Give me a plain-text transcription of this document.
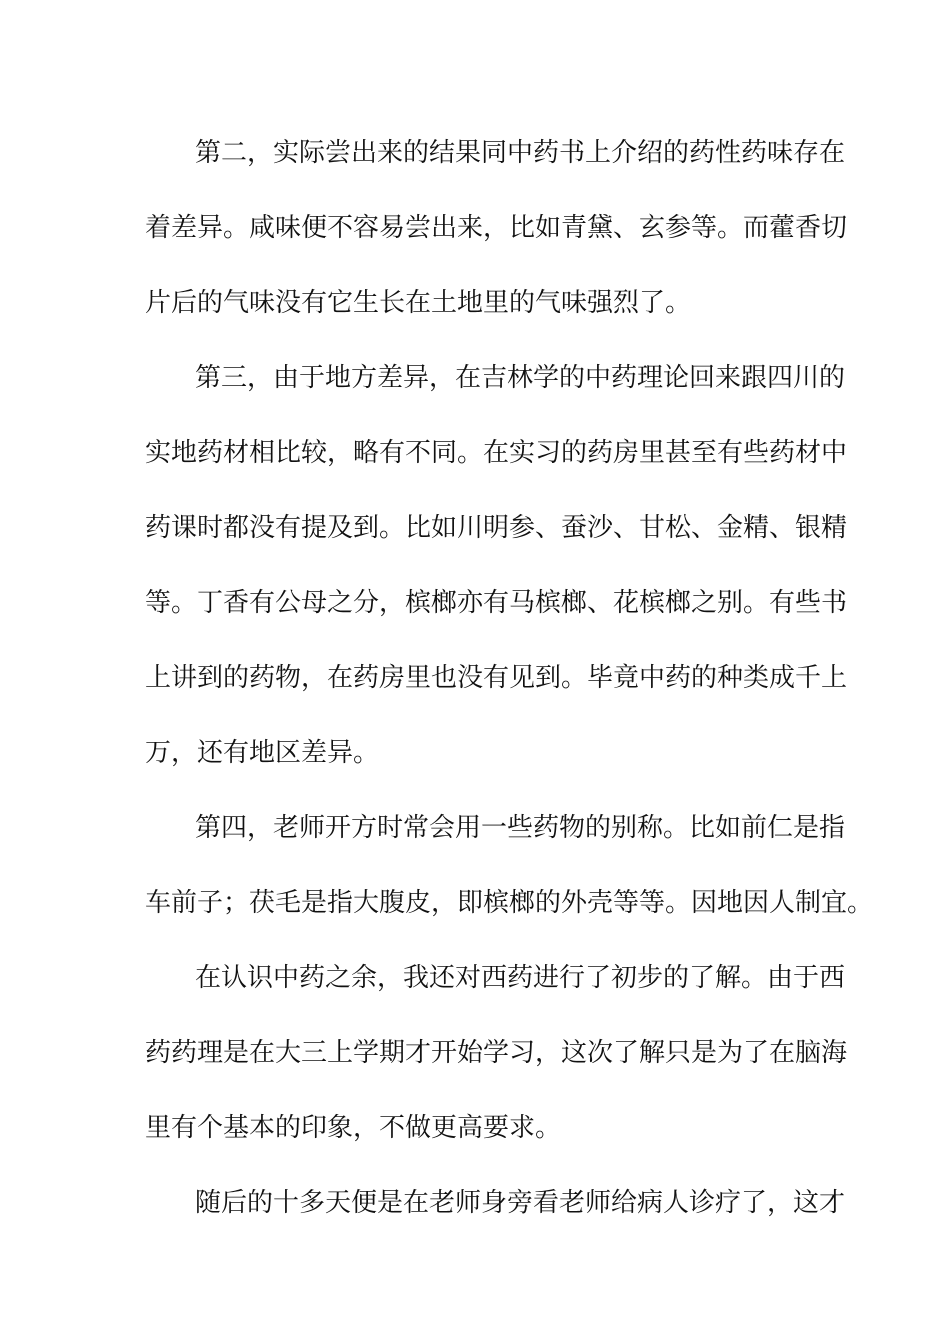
第二，实际尝出来的结果同中药书上介绍的药性药味存在
着差异。咸味便不容易尝出来，比如青黛、玄参等。而藿香切
片后的气味没有它生长在土地里的气味强烈了。
第三，由于地方差异，在吉林学的中药理论回来跟四川的
实地药材相比较，略有不同。在实习的药房里甚至有些药材中
药课时都没有提及到。比如川明参、蚕沙、甘松、金精、银精
等。丁香有公母之分，槟榔亦有马槟榔、花槟榔之别。有些书
上讲到的药物，在药房里也没有见到。毕竟中药的种类成千上
万，还有地区差异。
第四，老师开方时常会用一些药物的别称。比如前仁是指
车前子；茯毛是指大腹皮，即槟榔的外壳等等。因地因人制宜。
在认识中药之余，我还对西药进行了初步的了解。由于西
药药理是在大三上学期才开始学习，这次了解只是为了在脑海
里有个基本的印象，不做更高要求。
随后的十多天便是在老师身旁看老师给病人诊疗了，这才
